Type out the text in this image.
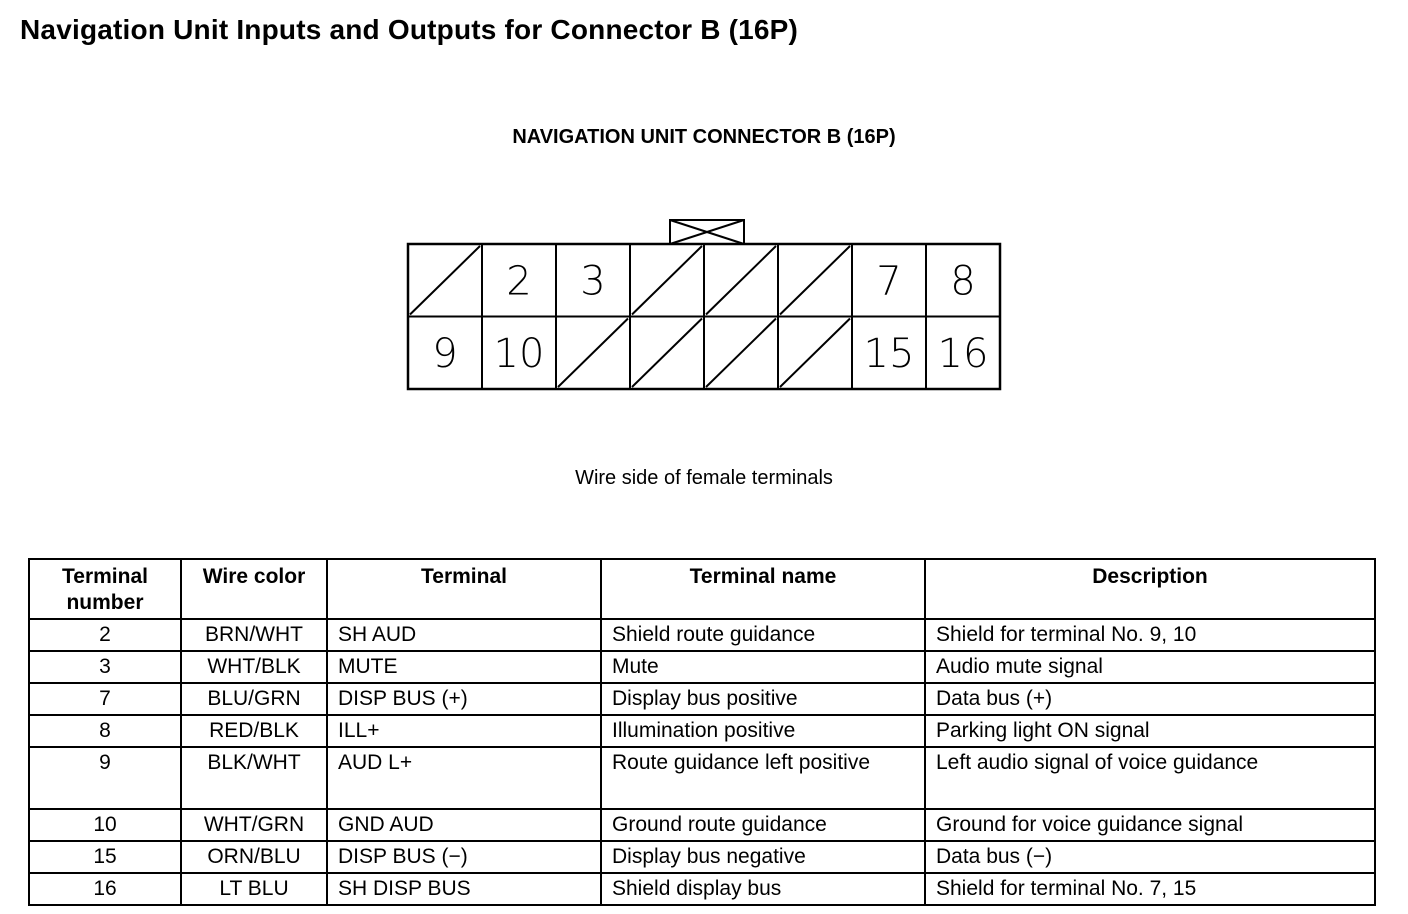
Navigation Unit Inputs and Outputs for Connector B (16P)
NAVIGATION UNIT CONNECTOR B (16P)
2 3	7 8
9 10	15 16
Wire side of female terminals
Terminal number	Wire color	Terminal	Terminal name	Description
2	BRN/WHT	SH AUD	Shield route guidance	Shield for terminal No. 9, 10
3	WHT/BLK	MUTE	Mute	Audio mute signal
7	BLU/GRN	DISP BUS (+)	Display bus positive	Data bus (+)
8	RED/BLK	ILL+	Illumination positive	Parking light ON signal
9	BLK/WHT	AUD L+	Route guidance left positive	Left audio signal of voice guidance
10	WHT/GRN	GND AUD	Ground route guidance	Ground for voice guidance signal
15	ORN/BLU	DISP BUS (−)	Display bus negative	Data bus (−)
16	LT BLU	SH DISP BUS	Shield display bus	Shield for terminal No. 7, 15
